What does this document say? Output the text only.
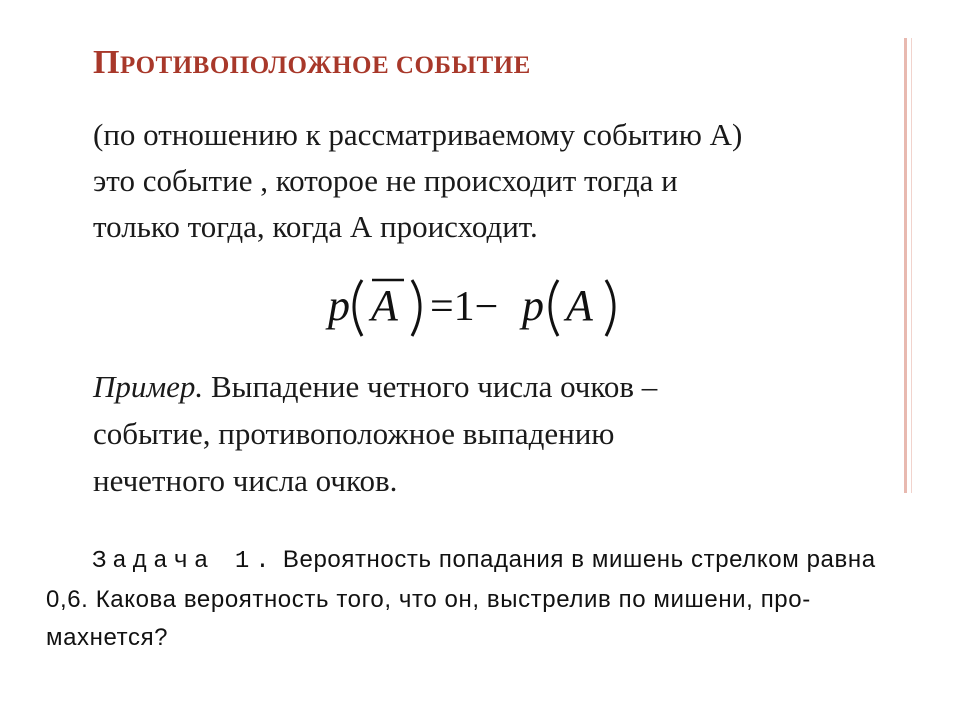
ПРОТИВОПОЛОЖНОЕ СОБЫТИЕ

(по отношению к рассматриваемому событию А)
это событие , которое не происходит тогда и
только тогда, когда А происходит.

p A =1− p A

Пример. Выпадение четного числа очков –
событие, противоположное выпадению
нечетного числа очков.

Задача 1. Вероятность попадания в мишень стрелком равна
0,6. Какова вероятность того, что он, выстрелив по мишени, про-
махнется?
